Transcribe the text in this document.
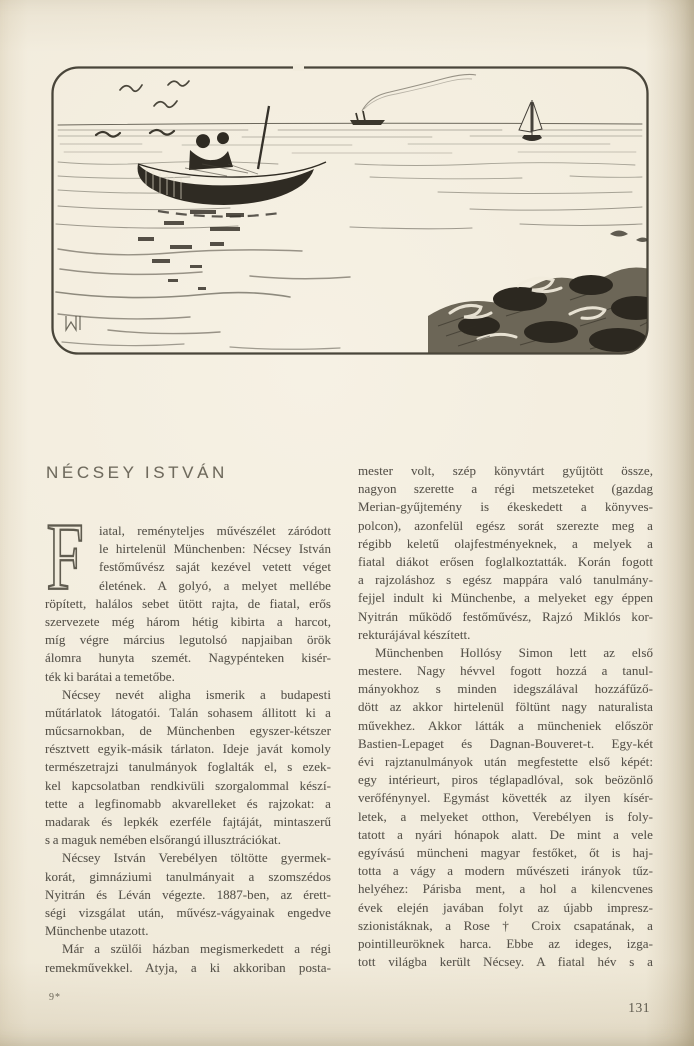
NÉCSEY ISTVÁN
F iatal, reményteljes művészélet záródott
le hirtelenül Münchenben: Nécsey István
festőművész saját kezével vetett véget
életének. A golyó, a melyet mellébe
röpített, halálos sebet ütött rajta, de fiatal, erős
szervezete még három hétig kibirta a harcot,
míg végre március legutolsó napjaiban örök
álomra hunyta szemét. Nagypénteken kisér-
ték ki barátai a temetőbe.
Nécsey nevét aligha ismerik a budapesti
műtárlatok látogatói. Talán sohasem állitott ki a
műcsarnokban, de Münchenben egyszer-kétszer
résztvett egyik-másik tárlaton. Ideje javát komoly
természetrajzi tanulmányok foglalták el, s ezek-
kel kapcsolatban rendkivüli szorgalommal készí-
tette a legfinomabb akvarelleket és rajzokat: a
madarak és lepkék ezerféle fajtáját, mintaszerű
s a maguk nemében elsőrangú illusztrációkat.
Nécsey István Verebélyen töltötte gyermek-
korát, gimnáziumi tanulmányait a szomszédos
Nyitrán és Léván végezte. 1887-ben, az érett-
ségi vizsgálat után, művész-vágyainak engedve
Münchenbe utazott.
Már a szülői házban megismerkedett a régi
remekművekkel. Atyja, a ki akkoriban posta-
mester volt, szép könyvtárt gyűjtött össze,
nagyon szerette a régi metszeteket (gazdag
Merian-gyűjtemény is ékeskedett a könyves-
polcon), azonfelül egész sorát szerezte meg a
régibb keletű olajfestményeknek, a melyek a
fiatal diákot erősen foglalkoztatták. Korán fogott
a rajzoláshoz s egész mappára való tanulmány-
fejjel indult ki Münchenbe, a melyeket egy éppen
Nyitrán működő festőművész, Rajzó Miklós kor-
rekturájával készített.
Münchenben Hollósy Simon lett az első
mestere. Nagy hévvel fogott hozzá a tanul-
mányokhoz s minden idegszálával hozzáfűző-
dött az akkor hirtelenül föltünt nagy naturalista
művekhez. Akkor látták a müncheniek először
Bastien-Lepaget és Dagnan-Bouveret-t. Egy-két
évi rajztanulmányok után megfestette első képét:
egy intérieurt, piros téglapadlóval, sok beözönlő
verőfénynyel. Egymást követték az ilyen kísér-
letek, a melyeket otthon, Verebélyen is foly-
tatott a nyári hónapok alatt. De mint a vele
egyívású müncheni magyar festőket, őt is haj-
totta a vágy a modern művészeti irányok tűz-
helyéhez: Párisba ment, a hol a kilencvenes
évek elején javában folyt az újabb impresz-
szionistáknak, a Rose † Croix csapatának, a
pointilleuröknek harca. Ebbe az ideges, izga-
tott világba került Nécsey. A fiatal hév s a
9*
131
